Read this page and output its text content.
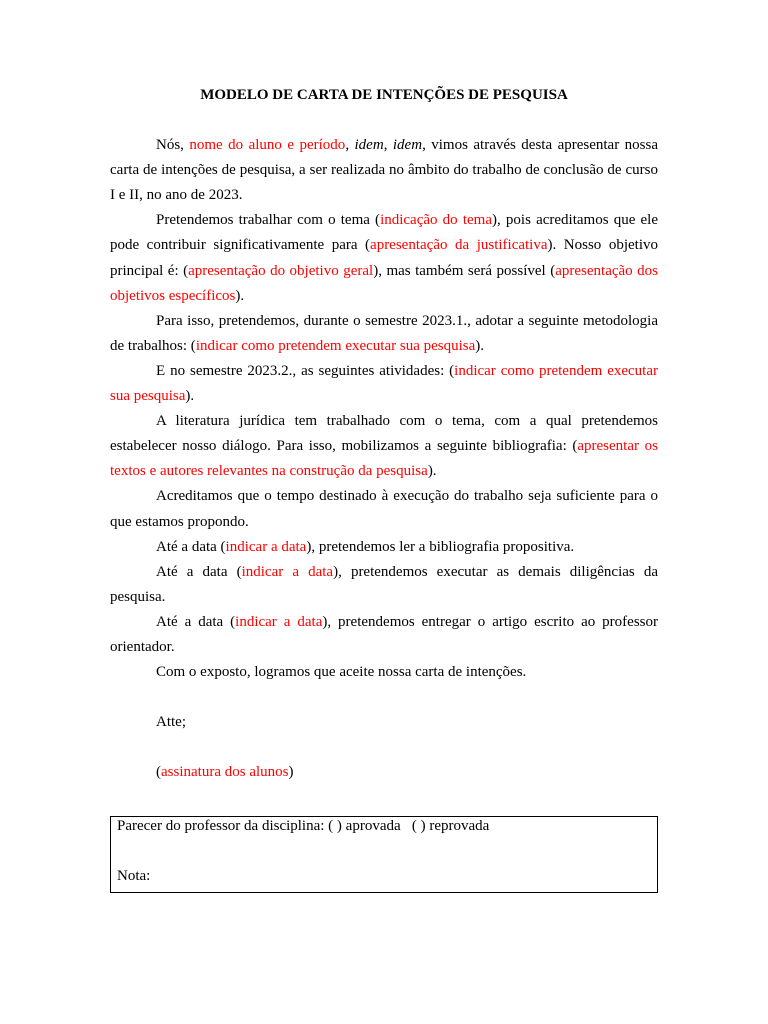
MODELO DE CARTA DE INTENÇÕES DE PESQUISA

Nós, nome do aluno e período, idem, idem, vimos através desta apresentar nossa carta de intenções de pesquisa, a ser realizada no âmbito do trabalho de conclusão de curso I e II, no ano de 2023.

Pretendemos trabalhar com o tema (indicação do tema), pois acreditamos que ele pode contribuir significativamente para (apresentação da justificativa). Nosso objetivo principal é: (apresentação do objetivo geral), mas também será possível (apresentação dos objetivos específicos).

Para isso, pretendemos, durante o semestre 2023.1., adotar a seguinte metodologia de trabalhos: (indicar como pretendem executar sua pesquisa).

E no semestre 2023.2., as seguintes atividades: (indicar como pretendem executar sua pesquisa).

A literatura jurídica tem trabalhado com o tema, com a qual pretendemos estabelecer nosso diálogo. Para isso, mobilizamos a seguinte bibliografia: (apresentar os textos e autores relevantes na construção da pesquisa).

Acreditamos que o tempo destinado à execução do trabalho seja suficiente para o que estamos propondo.

Até a data (indicar a data), pretendemos ler a bibliografia propositiva.

Até a data (indicar a data), pretendemos executar as demais diligências da pesquisa.

Até a data (indicar a data), pretendemos entregar o artigo escrito ao professor orientador.

Com o exposto, logramos que aceite nossa carta de intenções.

Atte;

(assinatura dos alunos)

Parecer do professor da disciplina: ( ) aprovada   ( ) reprovada
Nota:
